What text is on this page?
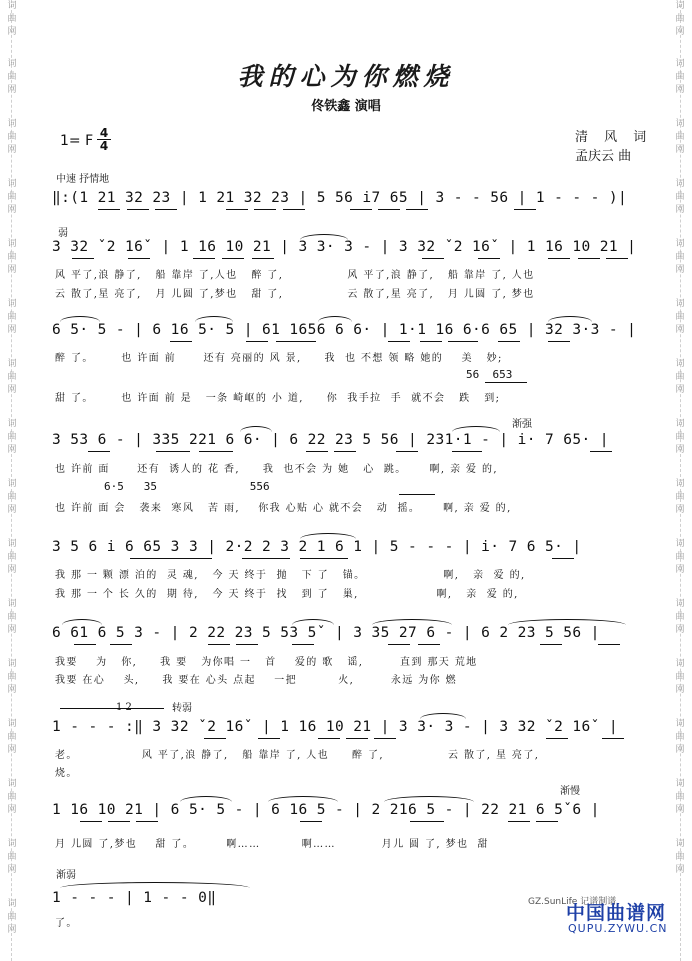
词
曲
网
词
曲
网
词
曲
网
词
曲
网
词
曲
网
词
曲
网
词
曲
网
词
曲
网
词
曲
网
词
曲
网
词
曲
网
词
曲
网
词
曲
网
词
曲
网
词
曲
网
词
曲
网
词
曲
网
词
曲
网
词
曲
网
词
曲
网
词
曲
网
词
曲
网
词
曲
网
词
曲
网
词
曲
网
词
曲
网
词
曲
网
词
曲
网
词
曲
网
词
曲
网
词
曲
网
我的心为你燃烧
佟铁鑫 演唱
1= F $\frac{4}{4}$	清 风 词
孟庆云 曲
中速 抒情地
‖:(1 21 32 23 | 1 21 32 23 | 5 56 i7 65 | 3 - - 56 | 1 - - - )|
弱
3 32 ˇ2 16ˇ | 1 16 10 21 | 3 3· 3 - | 3 32 ˇ2 16ˇ | 1 16 10 21 |
风 平了,浪 静了,   船 靠岸 了,人也   醉 了,              风 平了,浪 静了,   船 靠岸 了, 人也
云 散了,星 亮了,   月 儿圆 了,梦也   甜 了,              云 散了,星 亮了,   月 儿圆 了, 梦也
6 5· 5 - | 6 16 5· 5 | 61 1656 6 6· | 1·1 16 6·6 65 | 32 3·3 - |
醉 了。      也 许面 前      还有 亮丽的 风 景,     我  也 不想 领 略 她的    美   妙;
56  653
甜 了。      也 许面 前 是   一条 崎岖的 小 道,     你  我手拉  手  就不会   跌   到;
渐强
3 53 6 - | 335 221 6 6· | 6 22 23 5 56 | 231·1 - | i· 7 65· |
也 许前 面      还有  诱人的 花 香,     我  也不会 为 她   心  跳。     啊, 亲 爱 的,
6·5   35              556
也 许前 面 会   袭来  寒风   苦 雨,    你我 心贴 心 就不会   动  摇。     啊, 亲 爱 的,
3 5 6 i 6 65 3 3 | 2·2 2 3 2 1 6 1 | 5 - - - | i· 7 6 5· |
我 那 一 颗 漂 泊的  灵 魂,   今 天 终于  抛   下 了   锚。                 啊,   亲  爱 的,
我 那 一 个 长 久的  期 待,   今 天 终于  找   到 了   巢,                 啊,   亲  爱 的,
6 61 6 5 3 - | 2 22 23 5 53 5ˇ | 3 35 27 6 - | 6 2 23 5 56 |
我要    为   你,     我 要   为你唱 一   首    爱的 歌   谣,        直到 那天 荒地
我要 在心    头,     我 要在 心头 点起    一把         火,        永远 为你 燃
1 2	转弱
1 - - - :‖ 3 32 ˇ2 16ˇ | 1 16 10 21 | 3 3· 3 - | 3 32 ˇ2 16ˇ |
老。              风 平了,浪 静了,   船 靠岸 了, 人也     醉 了,              云 散了, 星 亮了,
烧。
渐慢
1 16 10 21 | 6 5· 5 - | 6 16 5 - | 2 216 5 - | 22 21 6 5ˇ6 |
月 儿圆 了,梦也    甜 了。       啊……         啊……          月儿 圆 了, 梦也  甜
渐弱
1 - - - | 1 - - 0‖
了。
GZ.SunLife 记谱制谱
中国曲谱网
QUPU.ZYWU.CN
